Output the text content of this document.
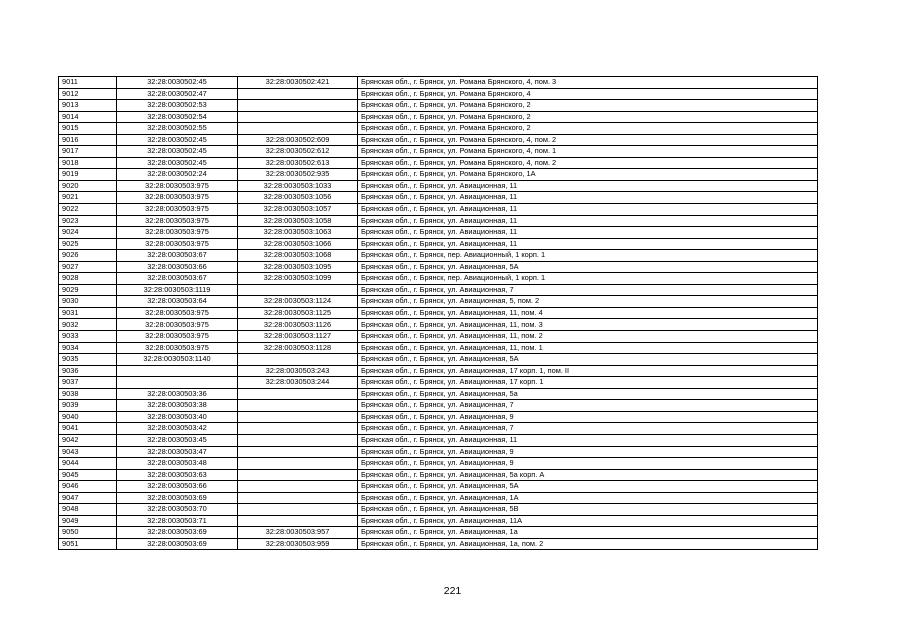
9011	32:28:0030502:45	32:28:0030502:421	Брянская обл., г. Брянск, ул. Романа Брянского, 4, пом. 3
9012	32:28:0030502:47		Брянская обл., г. Брянск, ул. Романа Брянского, 4
9013	32:28:0030502:53		Брянская обл., г. Брянск, ул. Романа Брянского, 2
9014	32:28:0030502:54		Брянская обл., г. Брянск, ул. Романа Брянского, 2
9015	32:28:0030502:55		Брянская обл., г. Брянск, ул. Романа Брянского, 2
9016	32:28:0030502:45	32:28:0030502:609	Брянская обл., г. Брянск, ул. Романа Брянского, 4, пом. 2
9017	32:28:0030502:45	32:28:0030502:612	Брянская обл., г. Брянск, ул. Романа Брянского, 4, пом. 1
9018	32:28:0030502:45	32:28:0030502:613	Брянская обл., г. Брянск, ул. Романа Брянского, 4, пом. 2
9019	32:28:0030502:24	32:28:0030502:935	Брянская обл., г. Брянск, ул. Романа Брянского, 1А
9020	32:28:0030503:975	32:28:0030503:1033	Брянская обл., г. Брянск, ул. Авиационная, 11
9021	32:28:0030503:975	32:28:0030503:1056	Брянская обл., г. Брянск, ул. Авиационная, 11
9022	32:28:0030503:975	32:28:0030503:1057	Брянская обл., г. Брянск, ул. Авиационная, 11
9023	32:28:0030503:975	32:28:0030503:1058	Брянская обл., г. Брянск, ул. Авиационная, 11
9024	32:28:0030503:975	32:28:0030503:1063	Брянская обл., г. Брянск, ул. Авиационная, 11
9025	32:28:0030503:975	32:28:0030503:1066	Брянская обл., г. Брянск, ул. Авиационная, 11
9026	32:28:0030503:67	32:28:0030503:1068	Брянская обл., г. Брянск, пер. Авиационный, 1 корп. 1
9027	32:28:0030503:66	32:28:0030503:1095	Брянская обл., г. Брянск, ул. Авиационная, 5А
9028	32:28:0030503:67	32:28:0030503:1099	Брянская обл., г. Брянск, пер. Авиационный, 1 корп. 1
9029	32:28:0030503:1119		Брянская обл., г. Брянск, ул. Авиационная, 7
9030	32:28:0030503:64	32:28:0030503:1124	Брянская обл., г. Брянск, ул. Авиационная, 5, пом. 2
9031	32:28:0030503:975	32:28:0030503:1125	Брянская обл., г. Брянск, ул. Авиационная, 11, пом. 4
9032	32:28:0030503:975	32:28:0030503:1126	Брянская обл., г. Брянск, ул. Авиационная, 11, пом. 3
9033	32:28:0030503:975	32:28:0030503:1127	Брянская обл., г. Брянск, ул. Авиационная, 11, пом. 2
9034	32:28:0030503:975	32:28:0030503:1128	Брянская обл., г. Брянск, ул. Авиационная, 11, пом. 1
9035	32:28:0030503:1140		Брянская обл., г. Брянск, ул. Авиационная, 5А
9036		32:28:0030503:243	Брянская обл., г. Брянск, ул. Авиационная, 17 корп. 1, пом. II
9037		32:28:0030503:244	Брянская обл., г. Брянск, ул. Авиационная, 17 корп. 1
9038	32:28:0030503:36		Брянская обл., г. Брянск, ул. Авиационная, 5а
9039	32:28:0030503:38		Брянская обл., г. Брянск, ул. Авиационная, 7
9040	32:28:0030503:40		Брянская обл., г. Брянск, ул. Авиационная, 9
9041	32:28:0030503:42		Брянская обл., г. Брянск, ул. Авиационная, 7
9042	32:28:0030503:45		Брянская обл., г. Брянск, ул. Авиационная, 11
9043	32:28:0030503:47		Брянская обл., г. Брянск, ул. Авиационная, 9
9044	32:28:0030503:48		Брянская обл., г. Брянск, ул. Авиационная, 9
9045	32:28:0030503:63		Брянская обл., г. Брянск, ул. Авиационная, 5а корп. А
9046	32:28:0030503:66		Брянская обл., г. Брянск, ул. Авиационная, 5А
9047	32:28:0030503:69		Брянская обл., г. Брянск, ул. Авиационная, 1А
9048	32:28:0030503:70		Брянская обл., г. Брянск, ул. Авиационная, 5В
9049	32:28:0030503:71		Брянская обл., г. Брянск, ул. Авиационная, 11А
9050	32:28:0030503:69	32:28:0030503:957	Брянская обл., г. Брянск, ул. Авиационная, 1а
9051	32:28:0030503:69	32:28:0030503:959	Брянская обл., г. Брянск, ул. Авиационная, 1а, пом. 2
221
